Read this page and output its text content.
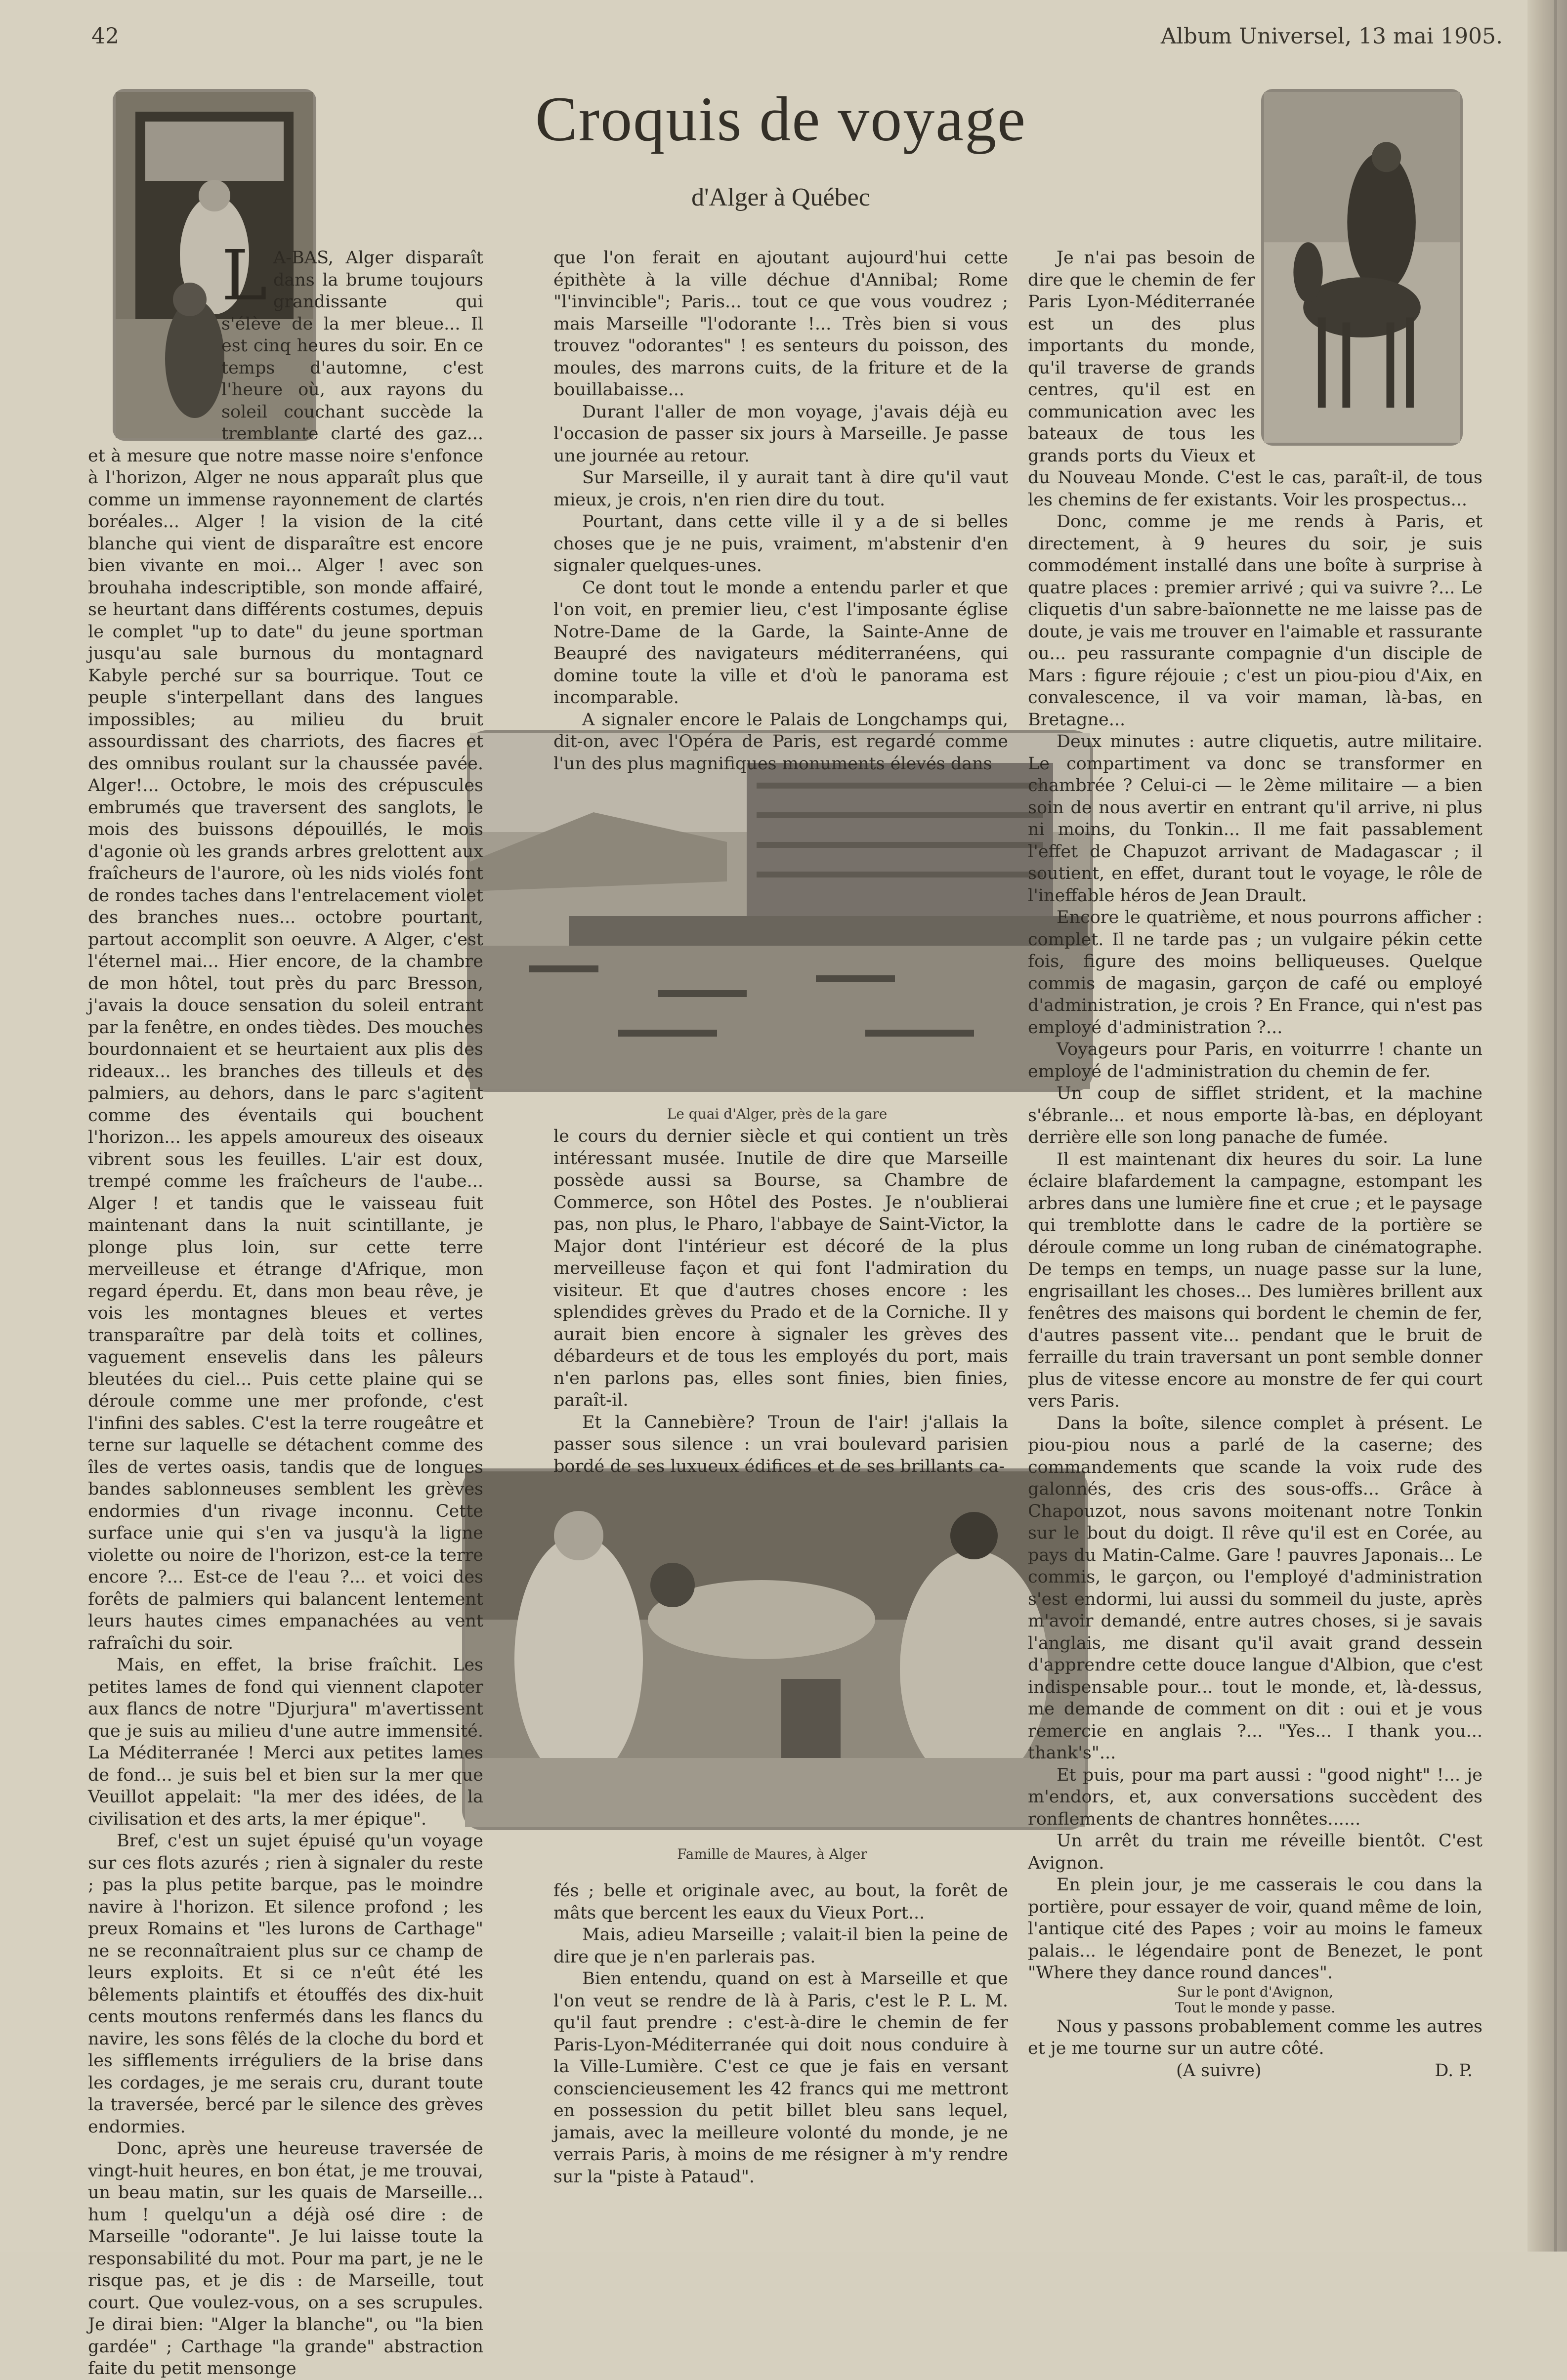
42	Album Universel, 13 mai 1905.
Croquis de voyage
d'Alger à Québec
Le quai d'Alger, près de la gare
Famille de Maures, à Alger
L A-BAS, Alger disparaît dans la brume toujours grandissante qui s'élève de la mer bleue... Il est cinq heures du soir. En ce temps d'automne, c'est l'heure où, aux rayons du soleil couchant succède la tremblante clarté des gaz... et à mesure que notre masse noire s'enfonce à l'horizon, Alger ne nous apparaît plus que comme un immense rayonnement de clartés boréales... Alger ! la vision de la cité blanche qui vient de disparaître est encore bien vivante en moi... Alger ! avec son brouhaha indescriptible, son monde affairé, se heurtant dans différents costumes, depuis le complet "up to date" du jeune sportman jusqu'au sale burnous du montagnard Kabyle perché sur sa bourrique. Tout ce peuple s'interpellant dans des langues impossibles; au milieu du bruit assourdissant des charriots, des fiacres et des omnibus roulant sur la chaussée pavée. Alger!... Octobre, le mois des crépuscules embrumés que traversent des sanglots, le mois des buissons dépouillés, le mois d'agonie où les grands arbres grelottent aux fraîcheurs de l'aurore, où les nids violés font de rondes taches dans l'entrelacement violet des branches nues... octobre pourtant, partout accomplit son oeuvre. A Alger, c'est l'éternel mai... Hier encore, de la chambre de mon hôtel, tout près du parc Bresson, j'avais la douce sensation du soleil entrant par la fenêtre, en ondes tièdes. Des mouches bourdonnaient et se heurtaient aux plis des rideaux... les branches des tilleuls et des palmiers, au dehors, dans le parc s'agitent comme des éventails qui bouchent l'horizon... les appels amoureux des oiseaux vibrent sous les feuilles. L'air est doux, trempé comme les fraîcheurs de l'aube... Alger ! et tandis que le vaisseau fuit maintenant dans la nuit scintillante, je plonge plus loin, sur cette terre merveilleuse et étrange d'Afrique, mon regard éperdu. Et, dans mon beau rêve, je vois les montagnes bleues et vertes transparaître par delà toits et collines, vaguement ensevelis dans les pâleurs bleutées du ciel... Puis cette plaine qui se déroule comme une mer profonde, c'est l'infini des sables. C'est la terre rougeâtre et terne sur laquelle se détachent comme des îles de vertes oasis, tandis que de longues bandes sablonneuses semblent les grèves endormies d'un rivage inconnu. Cette surface unie qui s'en va jusqu'à la ligne violette ou noire de l'horizon, est-ce la terre encore ?... Est-ce de l'eau ?... et voici des forêts de palmiers qui balancent lentement leurs hautes cimes empanachées au vent rafraîchi du soir.

Mais, en effet, la brise fraîchit. Les petites lames de fond qui viennent clapoter aux flancs de notre "Djurjura" m'avertissent que je suis au milieu d'une autre immensité. La Méditerranée ! Merci aux petites lames de fond... je suis bel et bien sur la mer que Veuillot appelait: "la mer des idées, de la civilisation et des arts, la mer épique".

Bref, c'est un sujet épuisé qu'un voyage sur ces flots azurés ; rien à signaler du reste ; pas la plus petite barque, pas le moindre navire à l'horizon. Et silence profond ; les preux Romains et "les lurons de Carthage" ne se reconnaîtraient plus sur ce champ de leurs exploits. Et si ce n'eût été les bêlements plaintifs et étouffés des dix-huit cents moutons renfermés dans les flancs du navire, les sons fêlés de la cloche du bord et les sifflements irréguliers de la brise dans les cordages, je me serais cru, durant toute la traversée, bercé par le silence des grèves endormies.

Donc, après une heureuse traversée de vingt-huit heures, en bon état, je me trouvai, un beau matin, sur les quais de Marseille... hum ! quelqu'un a déjà osé dire : de Marseille "odorante". Je lui laisse toute la responsabilité du mot. Pour ma part, je ne le risque pas, et je dis : de Marseille, tout court. Que voulez-vous, on a ses scrupules. Je dirai bien: "Alger la blanche", ou "la bien gardée" ; Carthage "la grande" abstraction faite du petit mensonge

que l'on ferait en ajoutant aujourd'hui cette épithète à la ville déchue d'Annibal; Rome "l'invincible"; Paris... tout ce que vous voudrez ; mais Marseille "l'odorante !... Très bien si vous trouvez "odorantes" ! es senteurs du poisson, des moules, des marrons cuits, de la friture et de la bouillabaisse...

Durant l'aller de mon voyage, j'avais déjà eu l'occasion de passer six jours à Marseille. Je passe une journée au retour.

Sur Marseille, il y aurait tant à dire qu'il vaut mieux, je crois, n'en rien dire du tout.

Pourtant, dans cette ville il y a de si belles choses que je ne puis, vraiment, m'abstenir d'en signaler quelques-unes.

Ce dont tout le monde a entendu parler et que l'on voit, en premier lieu, c'est l'imposante église Notre-Dame de la Garde, la Sainte-Anne de Beaupré des navigateurs méditerranéens, qui domine toute la ville et d'où le panorama est incomparable.

A signaler encore le Palais de Longchamps qui, dit-on, avec l'Opéra de Paris, est regardé comme l'un des plus magnifiques monuments élevés dans

le cours du dernier siècle et qui contient un très intéressant musée. Inutile de dire que Marseille possède aussi sa Bourse, sa Chambre de Commerce, son Hôtel des Postes. Je n'oublierai pas, non plus, le Pharo, l'abbaye de Saint-Victor, la Major dont l'intérieur est décoré de la plus merveilleuse façon et qui font l'admiration du visiteur. Et que d'autres choses encore : les splendides grèves du Prado et de la Corniche. Il y aurait bien encore à signaler les grèves des débardeurs et de tous les employés du port, mais n'en parlons pas, elles sont finies, bien finies, paraît-il.

Et la Cannebière? Troun de l'air! j'allais la passer sous silence : un vrai boulevard parisien bordé de ses luxueux édifices et de ses brillants ca-

fés ; belle et originale avec, au bout, la forêt de mâts que bercent les eaux du Vieux Port...

Mais, adieu Marseille ; valait-il bien la peine de dire que je n'en parlerais pas.

Bien entendu, quand on est à Marseille et que l'on veut se rendre de là à Paris, c'est le P. L. M. qu'il faut prendre : c'est-à-dire le chemin de fer Paris-Lyon-Méditerranée qui doit nous conduire à la Ville-Lumière. C'est ce que je fais en versant consciencieusement les 42 francs qui me mettront en possession du petit billet bleu sans lequel, jamais, avec la meilleure volonté du monde, je ne verrais Paris, à moins de me résigner à m'y rendre sur la "piste à Pataud".

Je n'ai pas besoin de dire que le chemin de fer Paris Lyon-Méditerranée est un des plus importants du monde, qu'il traverse de grands centres, qu'il est en communication avec les bateaux de tous les grands ports du Vieux et du Nouveau Monde. C'est le cas, paraît-il, de tous les chemins de fer existants. Voir les prospectus...

Donc, comme je me rends à Paris, et directement, à 9 heures du soir, je suis commodément installé dans une boîte à surprise à quatre places : premier arrivé ; qui va suivre ?... Le cliquetis d'un sabre-baïonnette ne me laisse pas de doute, je vais me trouver en l'aimable et rassurante ou... peu rassurante compagnie d'un disciple de Mars : figure réjouie ; c'est un piou-piou d'Aix, en convalescence, il va voir maman, là-bas, en Bretagne...

Deux minutes : autre cliquetis, autre militaire. Le compartiment va donc se transformer en chambrée ? Celui-ci — le 2ème militaire — a bien soin de nous avertir en entrant qu'il arrive, ni plus ni moins, du Tonkin... Il me fait passablement l'effet de Chapuzot arrivant de Madagascar ; il soutient, en effet, durant tout le voyage, le rôle de l'ineffable héros de Jean Drault.

Encore le quatrième, et nous pourrons afficher : complet. Il ne tarde pas ; un vulgaire pékin cette fois, figure des moins belliqueuses. Quelque commis de magasin, garçon de café ou employé d'administration, je crois ? En France, qui n'est pas employé d'administration ?...

Voyageurs pour Paris, en voiturrre ! chante un employé de l'administration du chemin de fer.

Un coup de sifflet strident, et la machine s'ébranle... et nous emporte là-bas, en déployant derrière elle son long panache de fumée.

Il est maintenant dix heures du soir. La lune éclaire blafardement la campagne, estompant les arbres dans une lumière fine et crue ; et le paysage qui tremblotte dans le cadre de la portière se déroule comme un long ruban de cinématographe. De temps en temps, un nuage passe sur la lune, engrisaillant les choses... Des lumières brillent aux fenêtres des maisons qui bordent le chemin de fer, d'autres passent vite... pendant que le bruit de ferraille du train traversant un pont semble donner plus de vitesse encore au monstre de fer qui court vers Paris.

Dans la boîte, silence complet à présent. Le piou-piou nous a parlé de la caserne; des commandements que scande la voix rude des galonnés, des cris des sous-offs... Grâce à Chapouzot, nous savons moitenant notre Tonkin sur le bout du doigt. Il rêve qu'il est en Corée, au pays du Matin-Calme. Gare ! pauvres Japonais... Le commis, le garçon, ou l'employé d'administration s'est endormi, lui aussi du sommeil du juste, après m'avoir demandé, entre autres choses, si je savais l'anglais, me disant qu'il avait grand dessein d'apprendre cette douce langue d'Albion, que c'est indispensable pour... tout le monde, et, là-dessus, me demande de comment on dit : oui et je vous remercie en anglais ?... "Yes... I thank you... thank's"...

Et puis, pour ma part aussi : "good night" !... je m'endors, et, aux conversations succèdent des ronflements de chantres honnêtes......

Un arrêt du train me réveille bientôt. C'est Avignon.

En plein jour, je me casserais le cou dans la portière, pour essayer de voir, quand même de loin, l'antique cité des Papes ; voir au moins le fameux palais... le légendaire pont de Benezet, le pont "Where they dance round dances".

Sur le pont d'Avignon,

Tout le monde y passe.

Nous y passons probablement comme les autres et je me tourne sur un autre côté.

(A suivre)	D. P.
